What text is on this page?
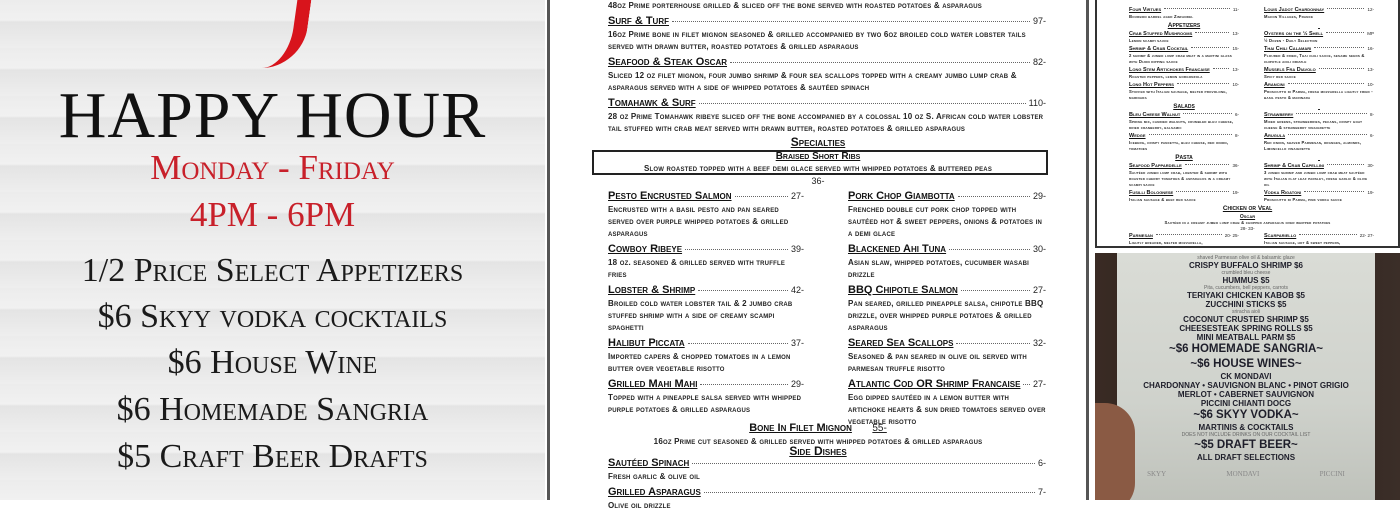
HAPPY HOUR
Monday - Friday
4PM - 6PM
1/2 Price Select Appetizers
$6 Skyy vodka cocktails
$6 House Wine
$6 Homemade Sangria
$5 Craft Beer Drafts
48oz Prime porterhouse grilled & sliced off the bone served with roasted potatoes & asparagus
Surf & Turf	97-
16oz Prime bone in filet mignon seasoned & grilled accompanied by two 6oz broiled cold water lobster tails served with drawn butter, roasted potatoes & grilled asparagus
Seafood & Steak Oscar	82-
Sliced 12 oz filet mignon, four jumbo shrimp & four sea scallops topped with a creamy jumbo lump crab & asparagus served with a side of whipped potatoes & sautéed spinach
Tomahawk & Surf	110-
28 oz Prime Tomahawk ribeye sliced off the bone accompanied by a colossal 10 oz S. African cold water lobster tail stuffed with crab meat served with drawn butter, roasted potatoes & grilled asparagus
Specialties
Braised Short Ribs
Slow roasted topped with a beef demi glace served with whipped potatoes & buttered peas
36-
Pesto Encrusted Salmon	27-
Encrusted with a basil pesto and pan seared served over purple whipped potatoes & grilled asparagus
Cowboy Ribeye	39-
18 oz. seasoned & grilled served with truffle fries
Lobster & Shrimp	42-
Broiled cold water lobster tail & 2 jumbo crab stuffed shrimp with a side of creamy scampi spaghetti
Halibut Piccata	37-
Imported capers & chopped tomatoes in a lemon butter over vegetable risotto
Grilled Mahi Mahi	29-
Topped with a pineapple salsa served with whipped purple potatoes & grilled asparagus
Pork Chop Giambotta	29-
Frenched double cut pork chop topped with sautéed hot & sweet peppers, onions & potatoes in a demi glace
Blackened Ahi Tuna	30-
Asian slaw, whipped potatoes, cucumber wasabi drizzle
BBQ Chipotle Salmon	27-
Pan seared, grilled pineapple salsa, chipotle BBQ drizzle, over whipped purple potatoes & grilled asparagus
Seared Sea Scallops	32-
Seasoned & pan seared in olive oil served with parmesan truffle risotto
Atlantic Cod OR Shrimp Francaise 27-
Egg dipped sautéed in a lemon butter with artichoke hearts & sun dried tomatoes served over vegetable risotto
Bone In Filet Mignon 55-
16oz Prime cut seasoned & grilled served with whipped potatoes & grilled asparagus
Side Dishes
Sautéed Spinach	6-
Fresh garlic & olive oil
Grilled Asparagus	7-
Olive oil drizzle
Four Virtues	11-
Bourbon barrel aged Zinfandel
Appetizers
Crab Stuffed Mushrooms	13-
Lemon scampi sauce
Shrimp & Crab Cocktail	15-
2 shrimp & jumbo lump crab meat in a martini glass with Dijon dipping sauce
Long Stem Artichokes Francaise	13-
Roasted peppers, lemon gorgonzola
Long Hot Peppers	10-
Stuffed with Italian sausage, melted provolone, marinara
Salads
Bleu Cheese Walnut	6-
Spring mix, candied walnuts, crumbled bleu cheese, dried cranberry, balsamic
Wedge	8-
Iceberg, crispy pancetta, bleu cheese, red onion, tomatoes
Pasta
Seafood Pappardelle	36-
Sautéed jumbo lump crab, lobster & shrimp with roasted cherry tomatoes & asparagus in a creamy scampi sauce
Fusilli Bolognese	19-
Italian sausage & beef red sauce
Louis Jadot Chardonnay	12-
Macon Villages, France

Oysters on the ½ Shell	MP
½ Dozen - Daily Selection
Thai Chili Calamari	16-
Floured & fried, Thai chili sauce, sesame seeds & chipotle aioli drizzle
Mussels Fra Diavolo	13-
Spicy red sauce
Arancini	10-
Prosciutto di Parma, fresh mozzarella lightly fried - basil pesto & marinara

Strawberry	8-
Mixed greens, strawberries, pecans, crispy goat cheese & strawberry vinaigrette
Arugula	6-
Red onion, shaved Parmesan, oranges, almonds, Limoncello vinaigrette

Shrimp & Crab Capellini	30-
3 jumbo shrimp and jumbo lump crab meat sautéed with Italian flat leaf parsley, fresh garlic & olive oil
Vodka Rigatoni	19-
Prosciutto di Parma, pink vodka sauce
Chicken or Veal
Oscar
Sautéed in a creamy jumbo lump crab & chopped asparagus over whipped potatoes
28- 33-
Parmesan	20- 25-
Lightly breaded, melted mozzarella,
Scarpariello	22- 27-
Italian sausage, hot & sweet peppers,
shaved Parmesan olive oil & balsamic glaze
CRISPY BUFFALO SHRIMP $6
crumbled bleu cheese
HUMMUS $5
Pita, cucumbers, bell peppers, carrots
TERIYAKI CHICKEN KABOB $5
ZUCCHINI STICKS $5
sriracha aioli
COCONUT CRUSTED SHRIMP $5
CHEESESTEAK SPRING ROLLS $5
MINI MEATBALL PARM $5
~$6 HOMEMADE SANGRIA~
~$6 HOUSE WINES~
CK MONDAVI
CHARDONNAY • SAUVIGNON BLANC • PINOT GRIGIO
MERLOT • CABERNET SAUVIGNON
PICCINI CHIANTI DOCG
~$6 SKYY VODKA~
MARTINIS & COCKTAILS
DOES NOT INCLUDE DRINKS ON OUR COCKTAIL LIST
~$5 DRAFT BEER~
ALL DRAFT SELECTIONS
SKYY	MONDAVI	PICCINI
